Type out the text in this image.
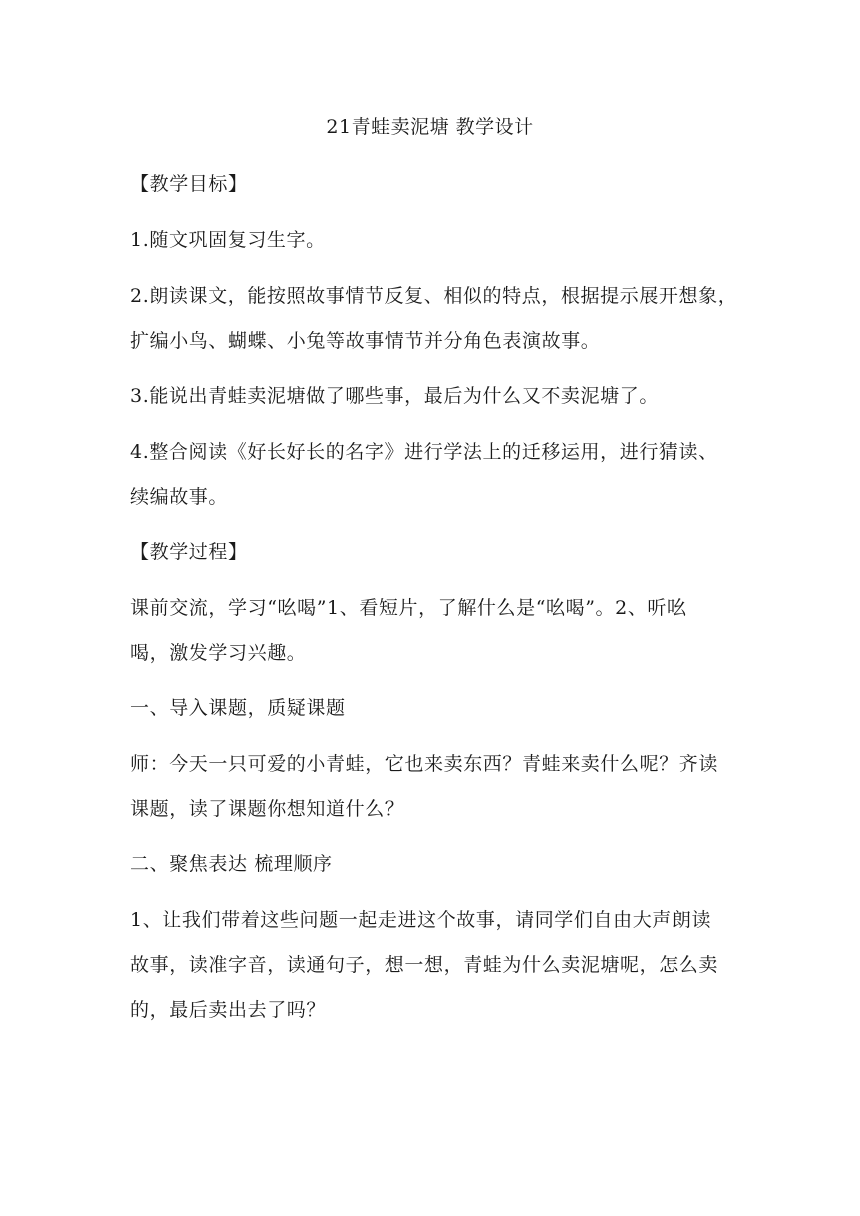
21青蛙卖泥塘 教学设计
【教学目标】
1.随文巩固复习生字。
2.朗读课文，能按照故事情节反复、相似的特点，根据提示展开想象，
扩编小鸟、蝴蝶、小兔等故事情节并分角色表演故事。
3.能说出青蛙卖泥塘做了哪些事，最后为什么又不卖泥塘了。
4.整合阅读《好长好长的名字》进行学法上的迁移运用，进行猜读、
续编故事。
【教学过程】
课前交流，学习“吆喝”1、看短片，了解什么是“吆喝”。2、听吆
喝，激发学习兴趣。
一、导入课题，质疑课题
师：今天一只可爱的小青蛙，它也来卖东西？青蛙来卖什么呢？齐读
课题，读了课题你想知道什么？
二、聚焦表达 梳理顺序
1、让我们带着这些问题一起走进这个故事，请同学们自由大声朗读
故事，读准字音，读通句子，想一想，青蛙为什么卖泥塘呢，怎么卖
的，最后卖出去了吗？
